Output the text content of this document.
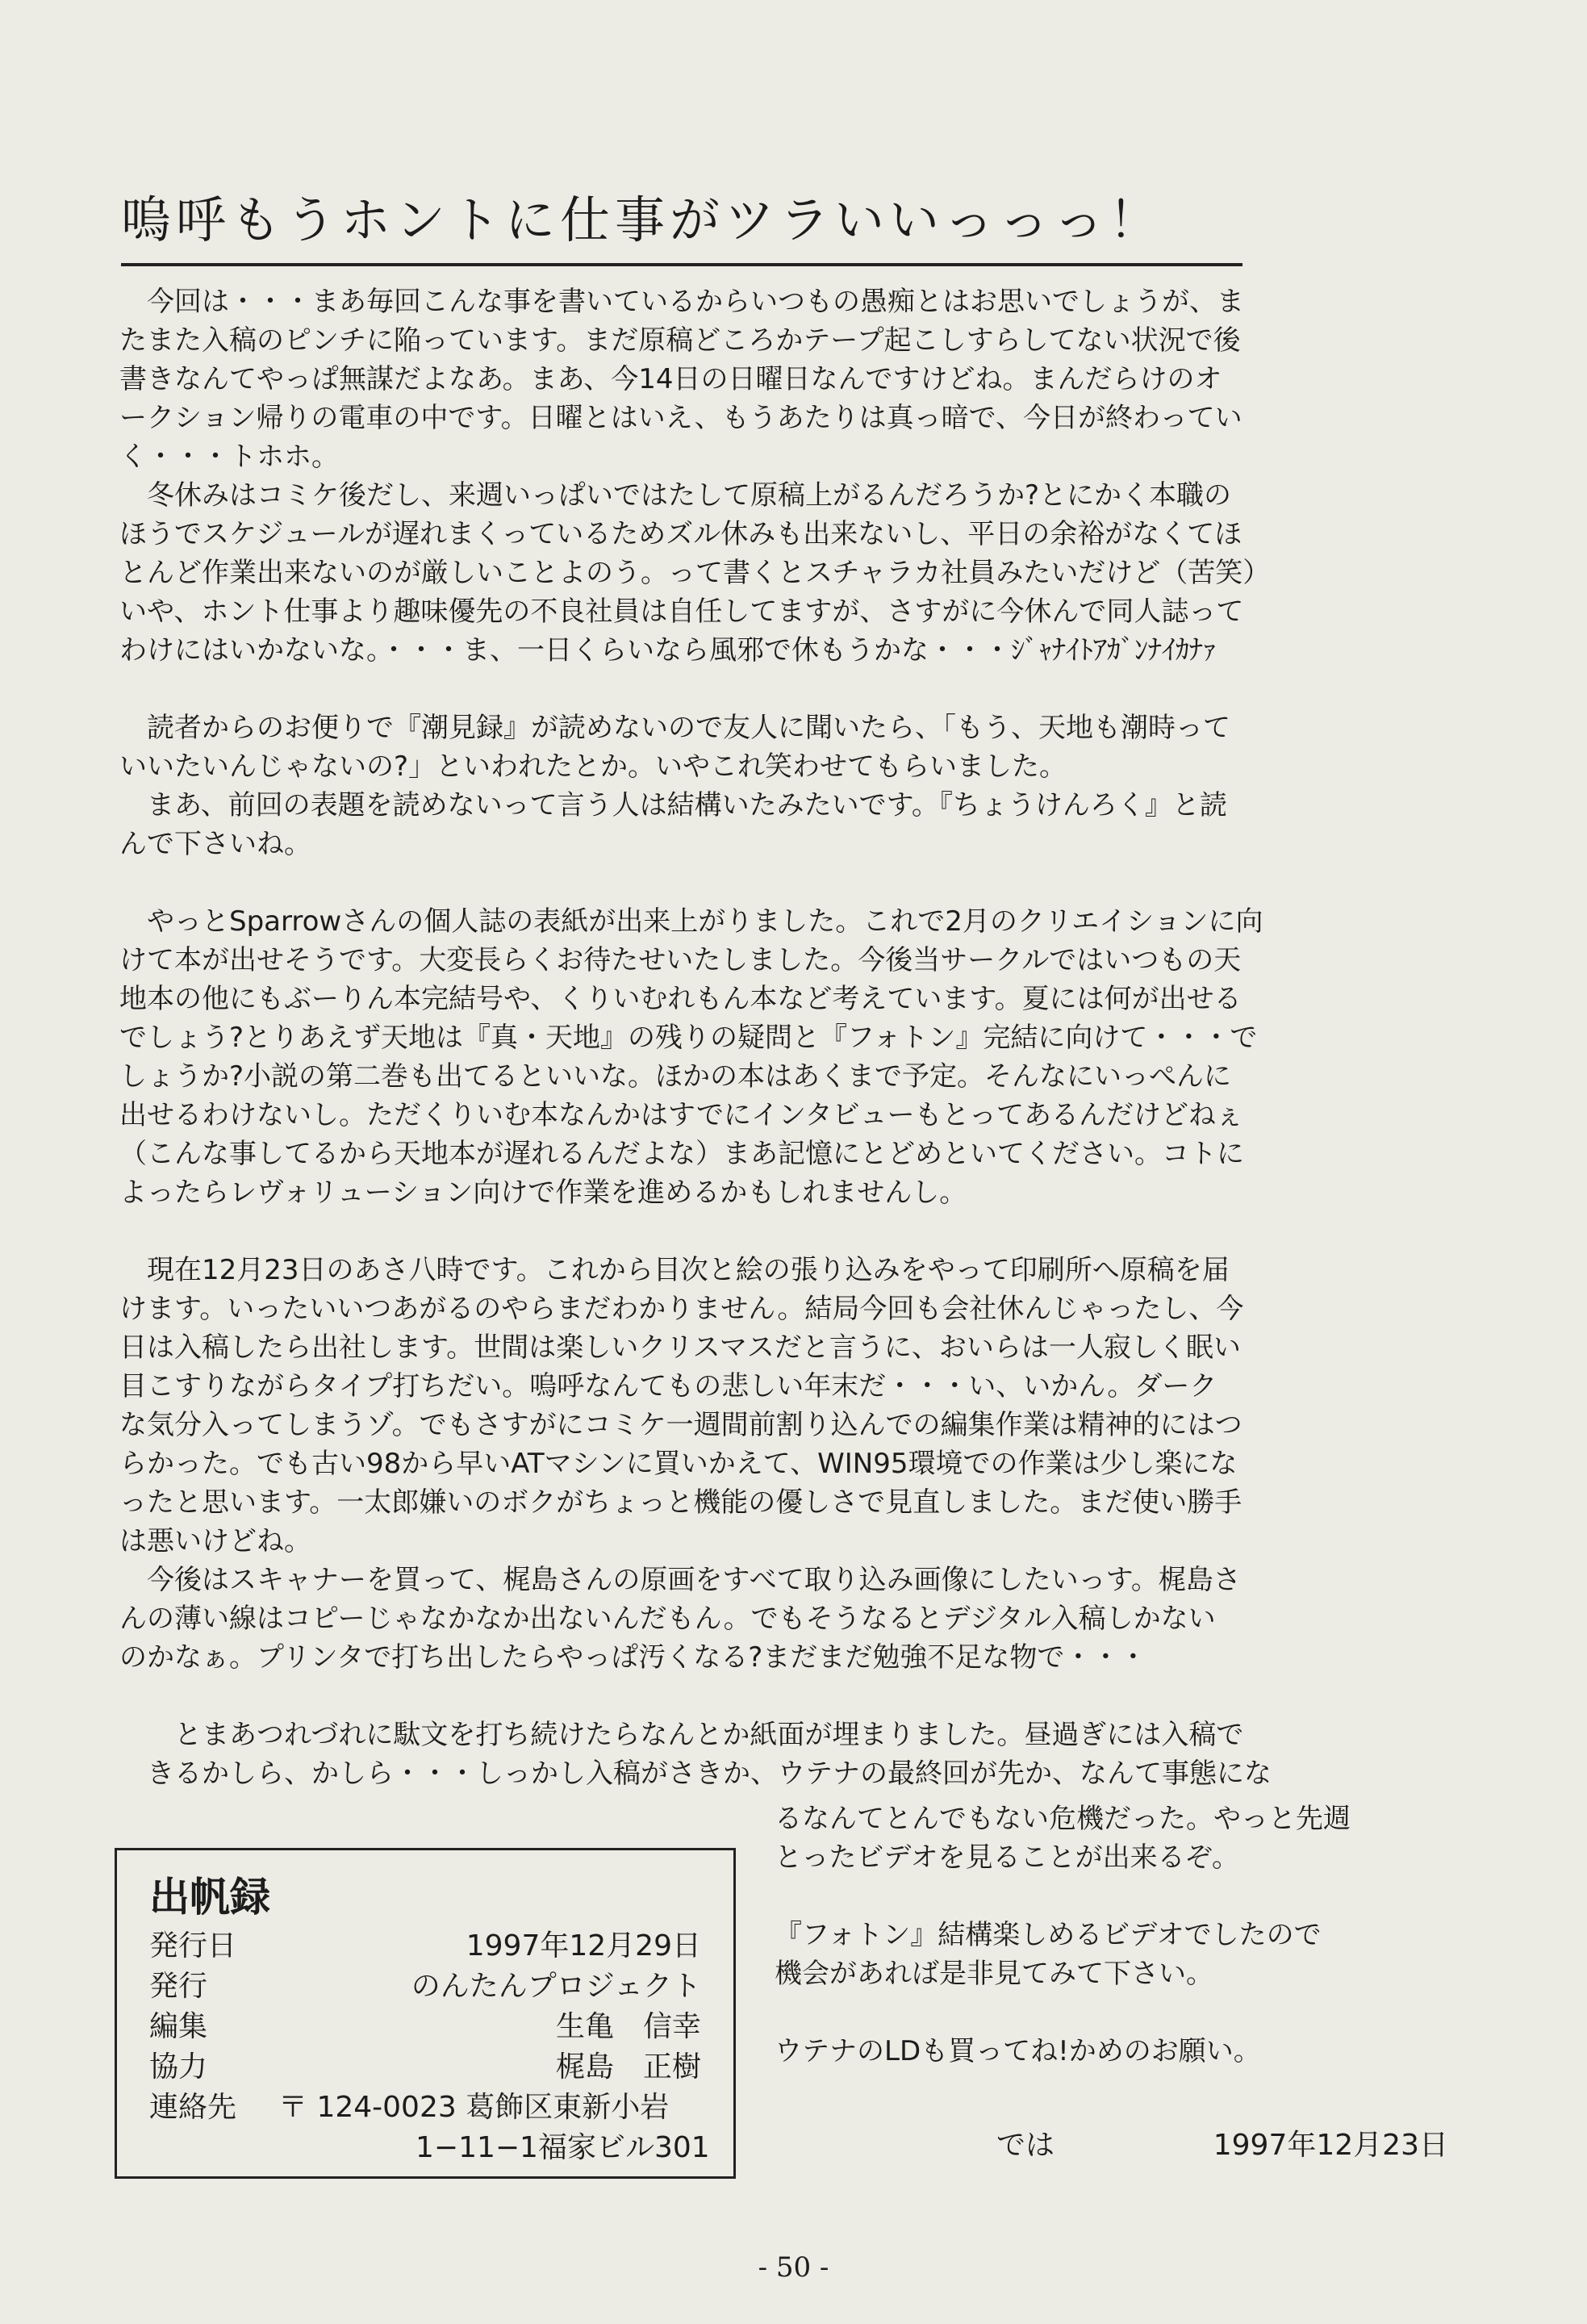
嗚呼もうホントに仕事がツラいいっっっ！
　今回は・・・まあ毎回こんな事を書いているからいつもの愚痴とはお思いでしょうが、ま
たまた入稿のピンチに陥っています。まだ原稿どころかテープ起こしすらしてない状況で後
書きなんてやっぱ無謀だよなあ。まあ、今14日の日曜日なんですけどね。まんだらけのオ
ークション帰りの電車の中です。日曜とはいえ、もうあたりは真っ暗で、今日が終わってい
く・・・トホホ。
　冬休みはコミケ後だし、来週いっぱいではたして原稿上がるんだろうか?とにかく本職の
ほうでスケジュールが遅れまくっているためズル休みも出来ないし、平日の余裕がなくてほ
とんど作業出来ないのが厳しいことよのう。って書くとスチャラカ社員みたいだけど（苦笑）
いや、ホント仕事より趣味優先の不良社員は自任してますが、さすがに今休んで同人誌って
わけにはいかないな。・・・ま、一日くらいなら風邪で休もうかな・・・ｼﾞｬﾅｲﾄｱｶﾞﾝﾅｲｶﾅｧ
　読者からのお便りで『潮見録』が読めないので友人に聞いたら、「もう、天地も潮時って
いいたいんじゃないの?」といわれたとか。いやこれ笑わせてもらいました。
　まあ、前回の表題を読めないって言う人は結構いたみたいです。『ちょうけんろく』と読
んで下さいね。
　やっとSparrowさんの個人誌の表紙が出来上がりました。これで2月のクリエイションに向
けて本が出せそうです。大変長らくお待たせいたしました。今後当サークルではいつもの天
地本の他にもぶーりん本完結号や、くりいむれもん本など考えています。夏には何が出せる
でしょう?とりあえず天地は『真・天地』の残りの疑問と『フォトン』完結に向けて・・・で
しょうか?小説の第二巻も出てるといいな。ほかの本はあくまで予定。そんなにいっぺんに
出せるわけないし。ただくりいむ本なんかはすでにインタビューもとってあるんだけどねぇ
（こんな事してるから天地本が遅れるんだよな）まあ記憶にとどめといてください。コトに
よったらレヴォリューション向けで作業を進めるかもしれませんし。
　現在12月23日のあさ八時です。これから目次と絵の張り込みをやって印刷所へ原稿を届
けます。いったいいつあがるのやらまだわかりません。結局今回も会社休んじゃったし、今
日は入稿したら出社します。世間は楽しいクリスマスだと言うに、おいらは一人寂しく眠い
目こすりながらタイプ打ちだい。嗚呼なんてもの悲しい年末だ・・・い、いかん。ダーク
な気分入ってしまうゾ。でもさすがにコミケ一週間前割り込んでの編集作業は精神的にはつ
らかった。でも古い98から早いATマシンに買いかえて、WIN95環境での作業は少し楽にな
ったと思います。一太郎嫌いのボクがちょっと機能の優しさで見直しました。まだ使い勝手
は悪いけどね。
　今後はスキャナーを買って、梶島さんの原画をすべて取り込み画像にしたいっす。梶島さ
んの薄い線はコピーじゃなかなか出ないんだもん。でもそうなるとデジタル入稿しかない
のかなぁ。プリンタで打ち出したらやっぱ汚くなる?まだまだ勉強不足な物で・・・
　　とまあつれづれに駄文を打ち続けたらなんとか紙面が埋まりました。昼過ぎには入稿で
　きるかしら、かしら・・・しっかし入稿がさきか、ウテナの最終回が先か、なんて事態にな
出帆録
発行日	1997年12月29日
発行	のんたんプロジェクト
編集	生亀　信幸
協力	梶島　正樹
連絡先	〒 124-0023 葛飾区東新小岩
1−11−1福家ビル301
るなんてとんでもない危機だった。やっと先週
とったビデオを見ることが出来るぞ。

『フォトン』結構楽しめるビデオでしたので
機会があれば是非見てみて下さい。

ウテナのLDも買ってね!かめのお願い。
では	1997年12月23日
- 50 -
